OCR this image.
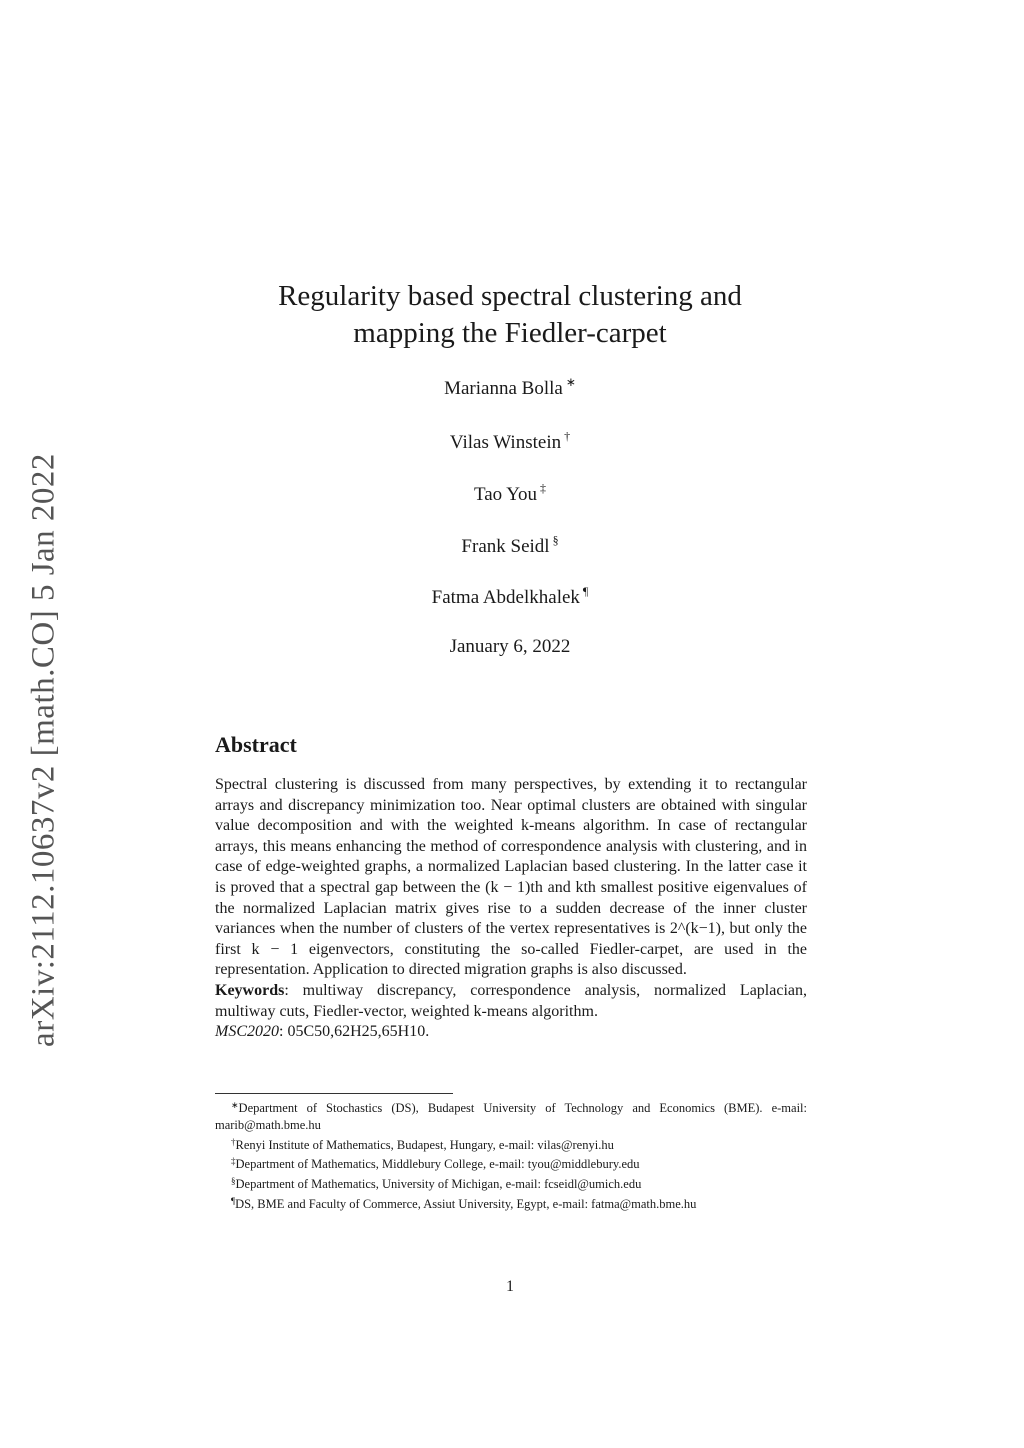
arXiv:2112.10637v2 [math.CO] 5 Jan 2022
Regularity based spectral clustering and
mapping the Fiedler-carpet
Marianna Bolla ∗
Vilas Winstein †
Tao You ‡
Frank Seidl §
Fatma Abdelkhalek ¶
January 6, 2022
Abstract

Spectral clustering is discussed from many perspectives, by extending it to rectangular arrays and discrepancy minimization too. Near optimal clusters are obtained with singular value decomposition and with the weighted k-means algorithm. In case of rectangular arrays, this means enhancing the method of correspondence analysis with clustering, and in case of edge-weighted graphs, a normalized Laplacian based clustering. In the latter case it is proved that a spectral gap between the (k − 1)th and kth smallest positive eigenvalues of the normalized Laplacian matrix gives rise to a sudden decrease of the inner cluster variances when the number of clusters of the vertex representatives is 2^(k−1), but only the first k − 1 eigenvectors, constituting the so-called Fiedler-carpet, are used in the representation. Application to directed migration graphs is also discussed.

Keywords: multiway discrepancy, correspondence analysis, normalized Laplacian, multiway cuts, Fiedler-vector, weighted k-means algorithm.

MSC2020: 05C50,62H25,65H10.

∗Department of Stochastics (DS), Budapest University of Technology and Economics (BME). e-mail: marib@math.bme.hu

†Renyi Institute of Mathematics, Budapest, Hungary, e-mail: vilas@renyi.hu

‡Department of Mathematics, Middlebury College, e-mail: tyou@middlebury.edu

§Department of Mathematics, University of Michigan, e-mail: fcseidl@umich.edu

¶DS, BME and Faculty of Commerce, Assiut University, Egypt, e-mail: fatma@math.bme.hu

1
